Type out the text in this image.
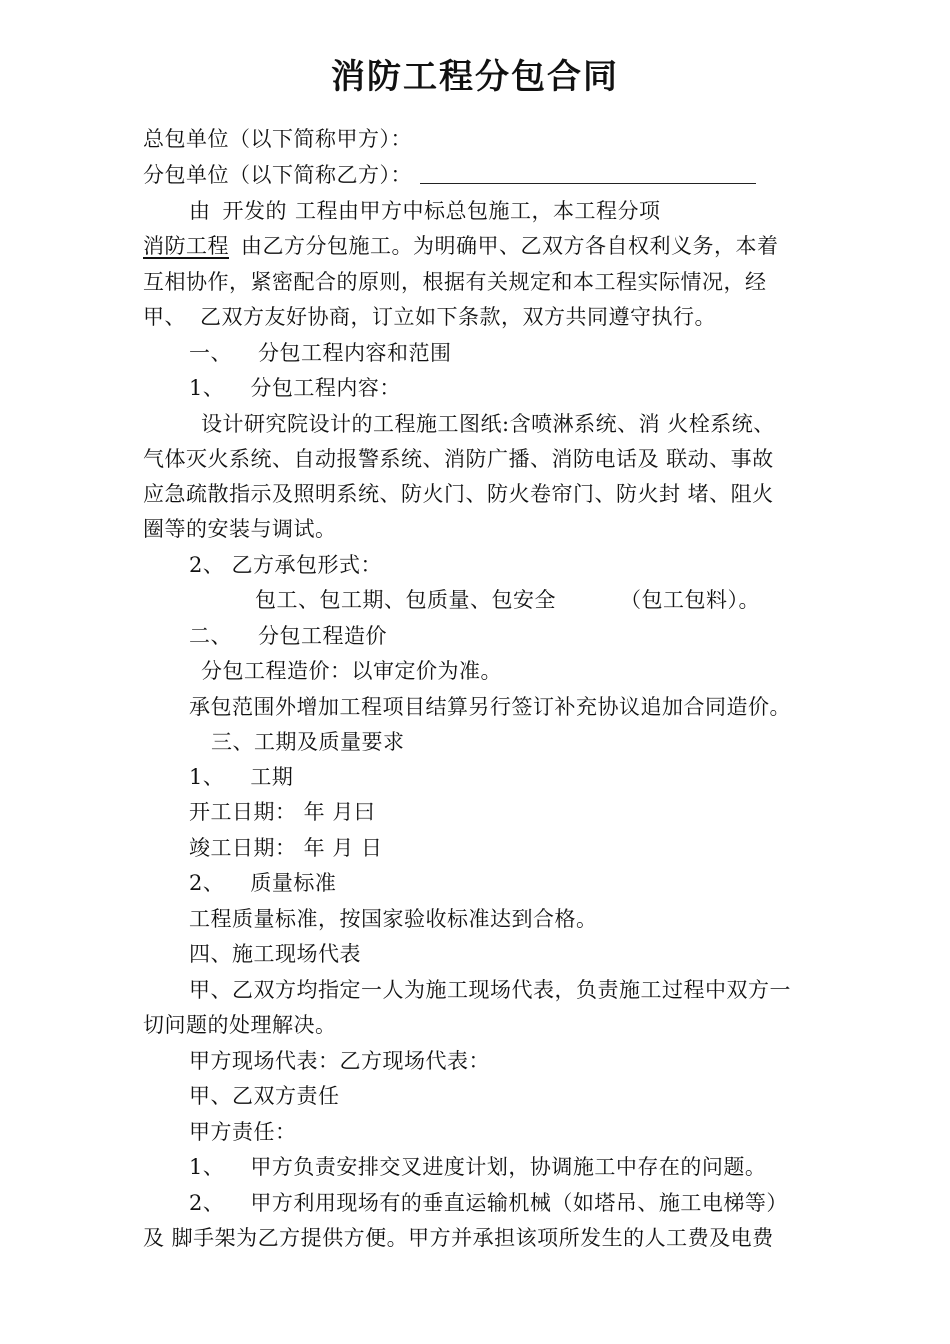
消防工程分包合同
总包单位（以下简称甲方）：
分包单位（以下简称乙方）：
由 开发的 工程由甲方中标总包施工，本工程分项
消防工程 由乙方分包施工。为明确甲、乙双方各自权利义务，本着
互相协作，紧密配合的原则，根据有关规定和本工程实际情况，经
甲、 乙双方友好协商，订立如下条款，双方共同遵守执行。
一、 分包工程内容和范围
1、 分包工程内容：
设计研究院设计的工程施工图纸:含喷淋系统、消 火栓系统、
气体灭火系统、自动报警系统、消防广播、消防电话及 联动、事故
应急疏散指示及照明系统、防火门、防火卷帘门、防火封 堵、阻火
圈等的安装与调试。
2、 乙方承包形式：
包工、包工期、包质量、包安全	（包工包料）。
二、 分包工程造价
分包工程造价：以审定价为准。
承包范围外增加工程项目结算另行签订补充协议追加合同造价。
三、工期及质量要求
1、 工期
开工日期： 年 月曰
竣工日期： 年 月 日
2、 质量标准
工程质量标准，按国家验收标准达到合格。
四、施工现场代表
甲、乙双方均指定一人为施工现场代表，负责施工过程中双方一
切问题的处理解决。
甲方现场代表：乙方现场代表：
甲、乙双方责任
甲方责任：
1、 甲方负责安排交叉进度计划，协调施工中存在的问题。
2、 甲方利用现场有的垂直运输机械（如塔吊、施工电梯等）
及 脚手架为乙方提供方便。甲方并承担该项所发生的人工费及电费
